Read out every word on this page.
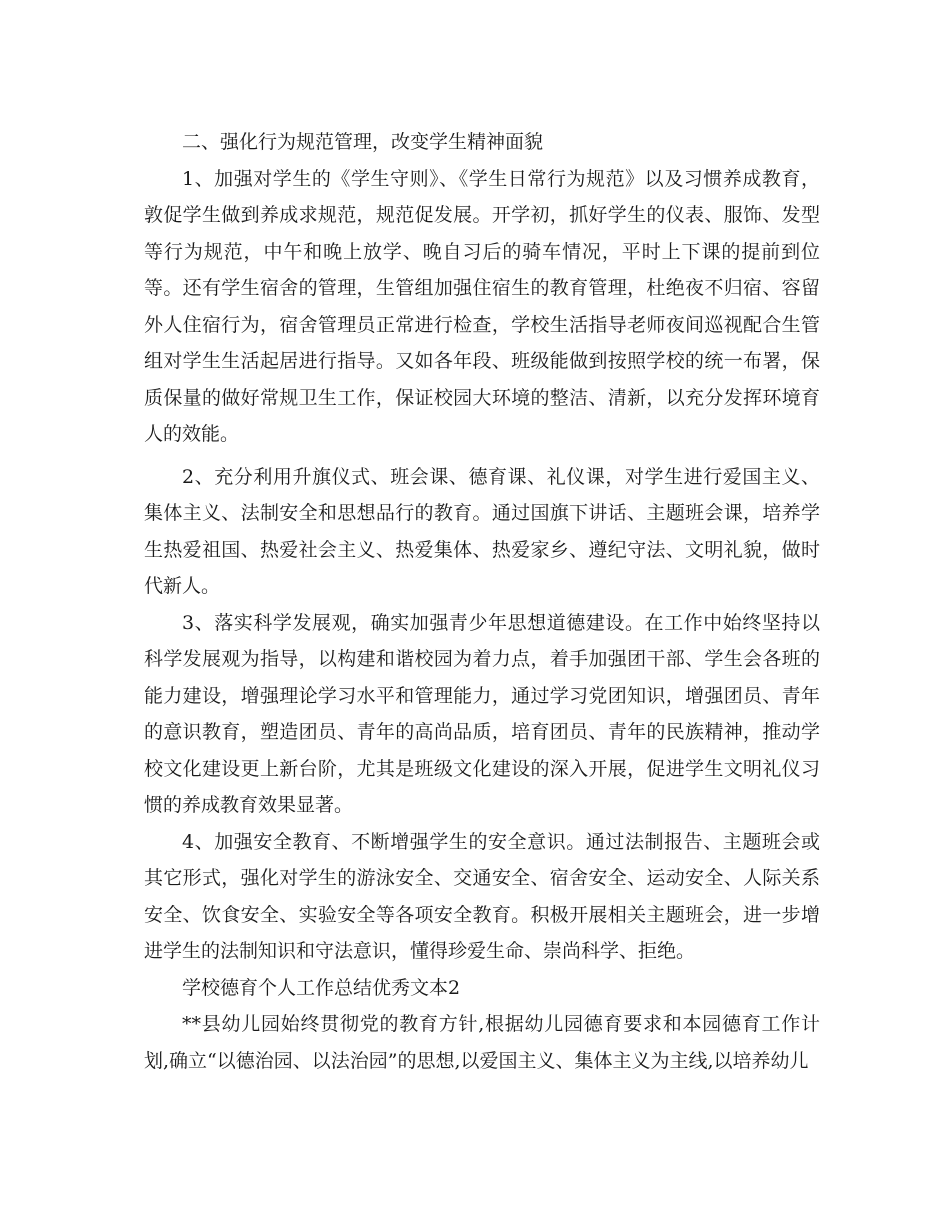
二、强化行为规范管理，改变学生精神面貌

1、加强对学生的《学生守则》、《学生日常行为规范》以及习惯养成教育，敦促学生做到养成求规范，规范促发展。开学初，抓好学生的仪表、服饰、发型等行为规范，中午和晚上放学、晚自习后的骑车情况，平时上下课的提前到位等。还有学生宿舍的管理，生管组加强住宿生的教育管理，杜绝夜不归宿、容留外人住宿行为，宿舍管理员正常进行检查，学校生活指导老师夜间巡视配合生管组对学生生活起居进行指导。又如各年段、班级能做到按照学校的统一布署，保质保量的做好常规卫生工作，保证校园大环境的整洁、清新，以充分发挥环境育人的效能。

2、充分利用升旗仪式、班会课、德育课、礼仪课，对学生进行爱国主义、集体主义、法制安全和思想品行的教育。通过国旗下讲话、主题班会课，培养学生热爱祖国、热爱社会主义、热爱集体、热爱家乡、遵纪守法、文明礼貌，做时代新人。

3、落实科学发展观，确实加强青少年思想道德建设。在工作中始终坚持以科学发展观为指导，以构建和谐校园为着力点，着手加强团干部、学生会各班的能力建设，增强理论学习水平和管理能力，通过学习党团知识，增强团员、青年的意识教育，塑造团员、青年的高尚品质，培育团员、青年的民族精神，推动学校文化建设更上新台阶，尤其是班级文化建设的深入开展，促进学生文明礼仪习惯的养成教育效果显著。

4、加强安全教育、不断增强学生的安全意识。通过法制报告、主题班会或其它形式，强化对学生的游泳安全、交通安全、宿舍安全、运动安全、人际关系安全、饮食安全、实验安全等各项安全教育。积极开展相关主题班会，进一步增进学生的法制知识和守法意识，懂得珍爱生命、崇尚科学、拒绝。

学校德育个人工作总结优秀文本2

**县幼儿园始终贯彻党的教育方针,根据幼儿园德育要求和本园德育工作计划,确立“以德治园、以法治园”的思想,以爱国主义、集体主义为主线,以培养幼儿
